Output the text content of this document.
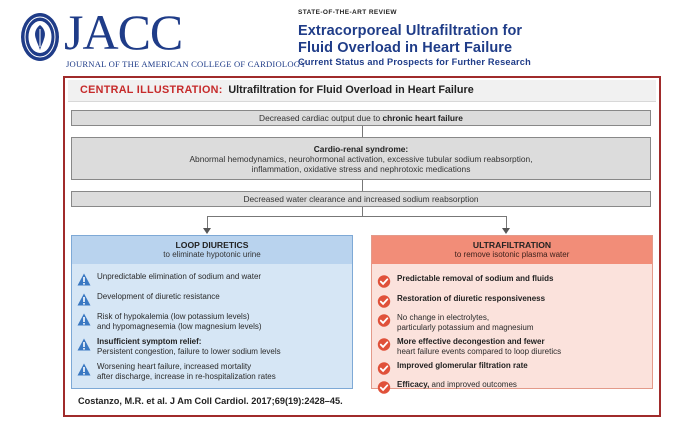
JACC
JOURNAL OF THE AMERICAN COLLEGE OF CARDIOLOGY
STATE-OF-THE-ART REVIEW
Extracorporeal Ultrafiltration for
Fluid Overload in Heart Failure
Current Status and Prospects for Further Research
CENTRAL ILLUSTRATION: Ultrafiltration for Fluid Overload in Heart Failure
Decreased cardiac output due to chronic heart failure
Cardio-renal syndrome:
Abnormal hemodynamics, neurohormonal activation, excessive tubular sodium reabsorption,
inflammation, oxidative stress and nephrotoxic medications
Decreased water clearance and increased sodium reabsorption
LOOP DIURETICS
to eliminate hypotonic urine
Unpredictable elimination of sodium and water
Development of diuretic resistance
Risk of hypokalemia (low potassium levels)
and hypomagnesemia (low magnesium levels)
Insufficient symptom relief:
Persistent congestion, failure to lower sodium levels
Worsening heart failure, increased mortality
after discharge, increase in re-hospitalization rates
ULTRAFILTRATION
to remove isotonic plasma water
Predictable removal of sodium and fluids
Restoration of diuretic responsiveness
No change in electrolytes,
particularly potassium and magnesium
More effective decongestion and fewer
heart failure events compared to loop diuretics
Improved glomerular filtration rate
Efficacy, and improved outcomes
Costanzo, M.R. et al. J Am Coll Cardiol. 2017;69(19):2428–45.
